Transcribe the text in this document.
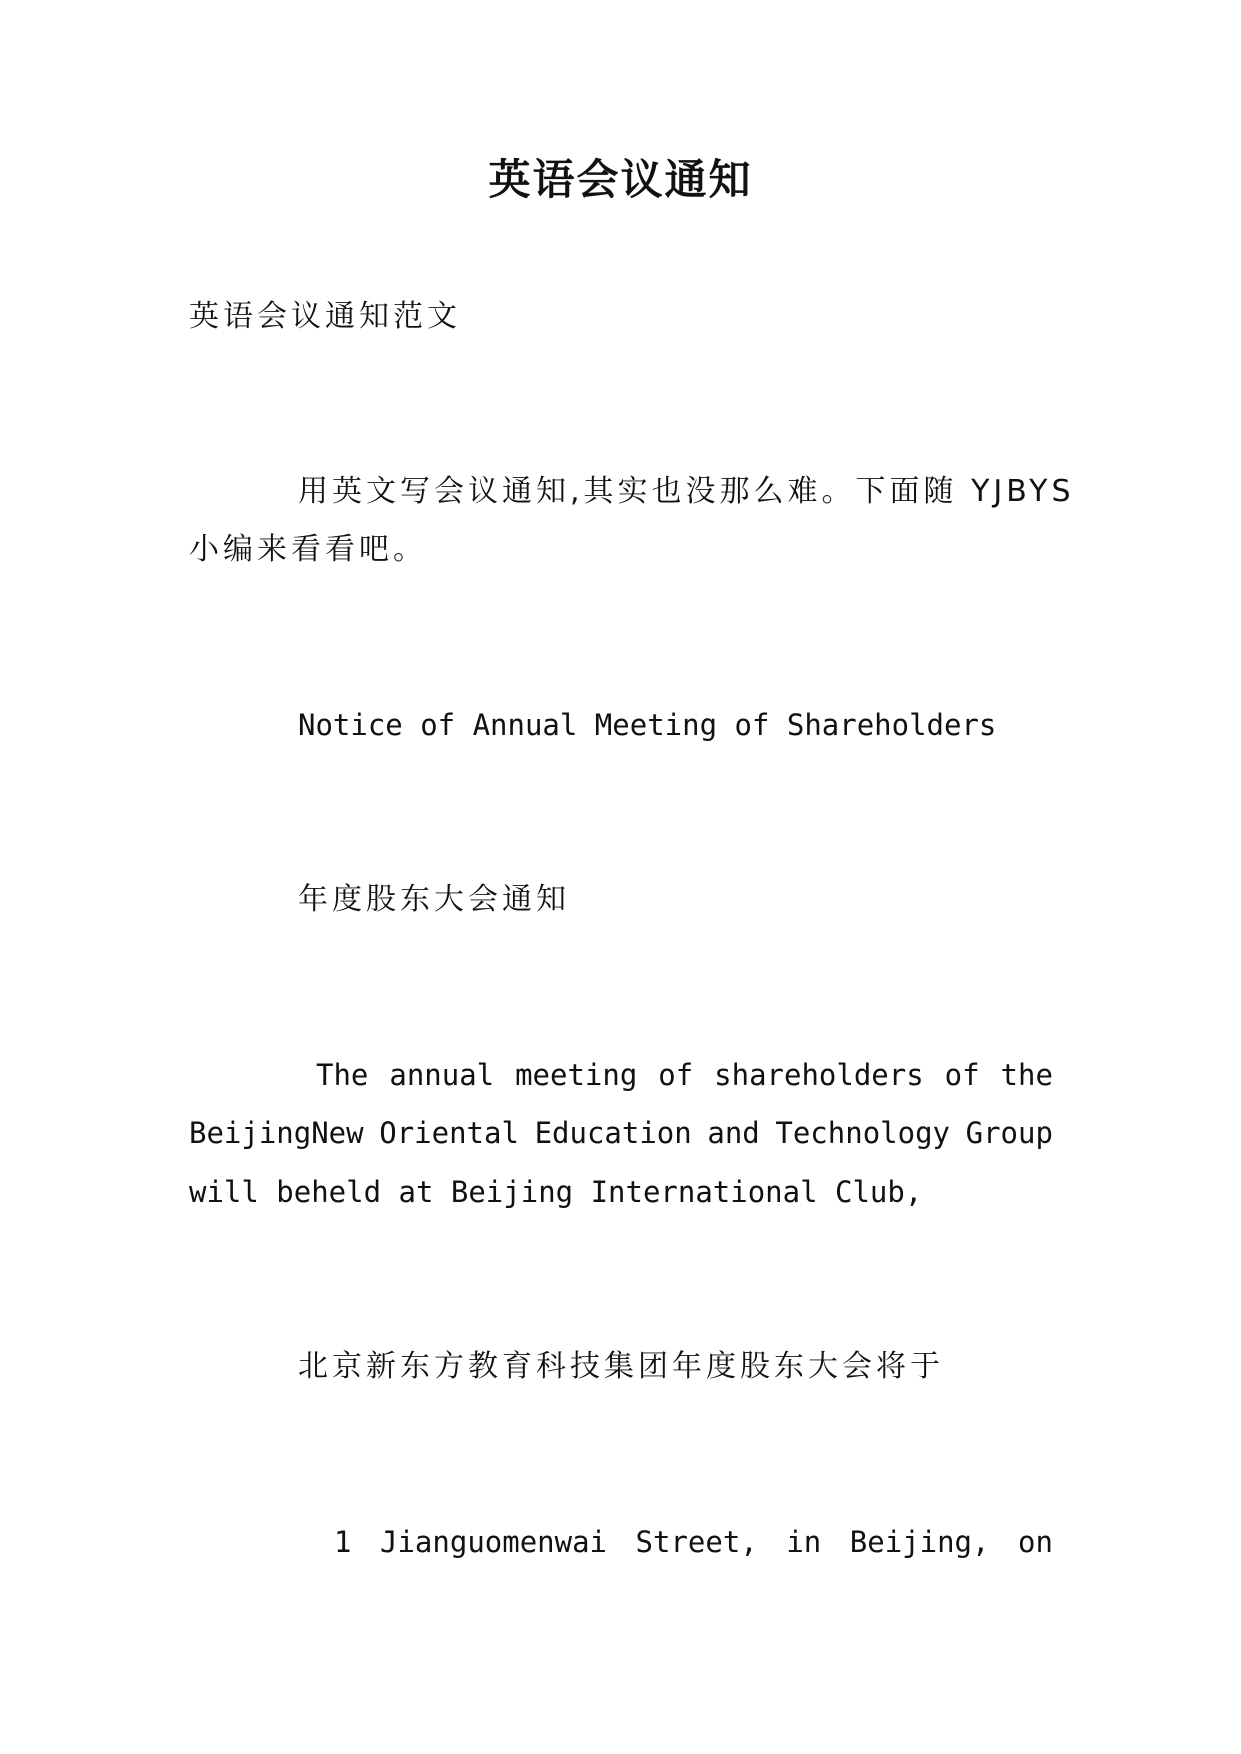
英语会议通知
英语会议通知范文
用英文写会议通知,其实也没那么难。下面随 YJBYS
小编来看看吧。
Notice of Annual Meeting of Shareholders
年度股东大会通知
The annual meeting of shareholders of the
BeijingNew Oriental Education and Technology Group
will beheld at Beijing International Club,
北京新东方教育科技集团年度股东大会将于
1 Jianguomenwai Street, in Beijing, on
